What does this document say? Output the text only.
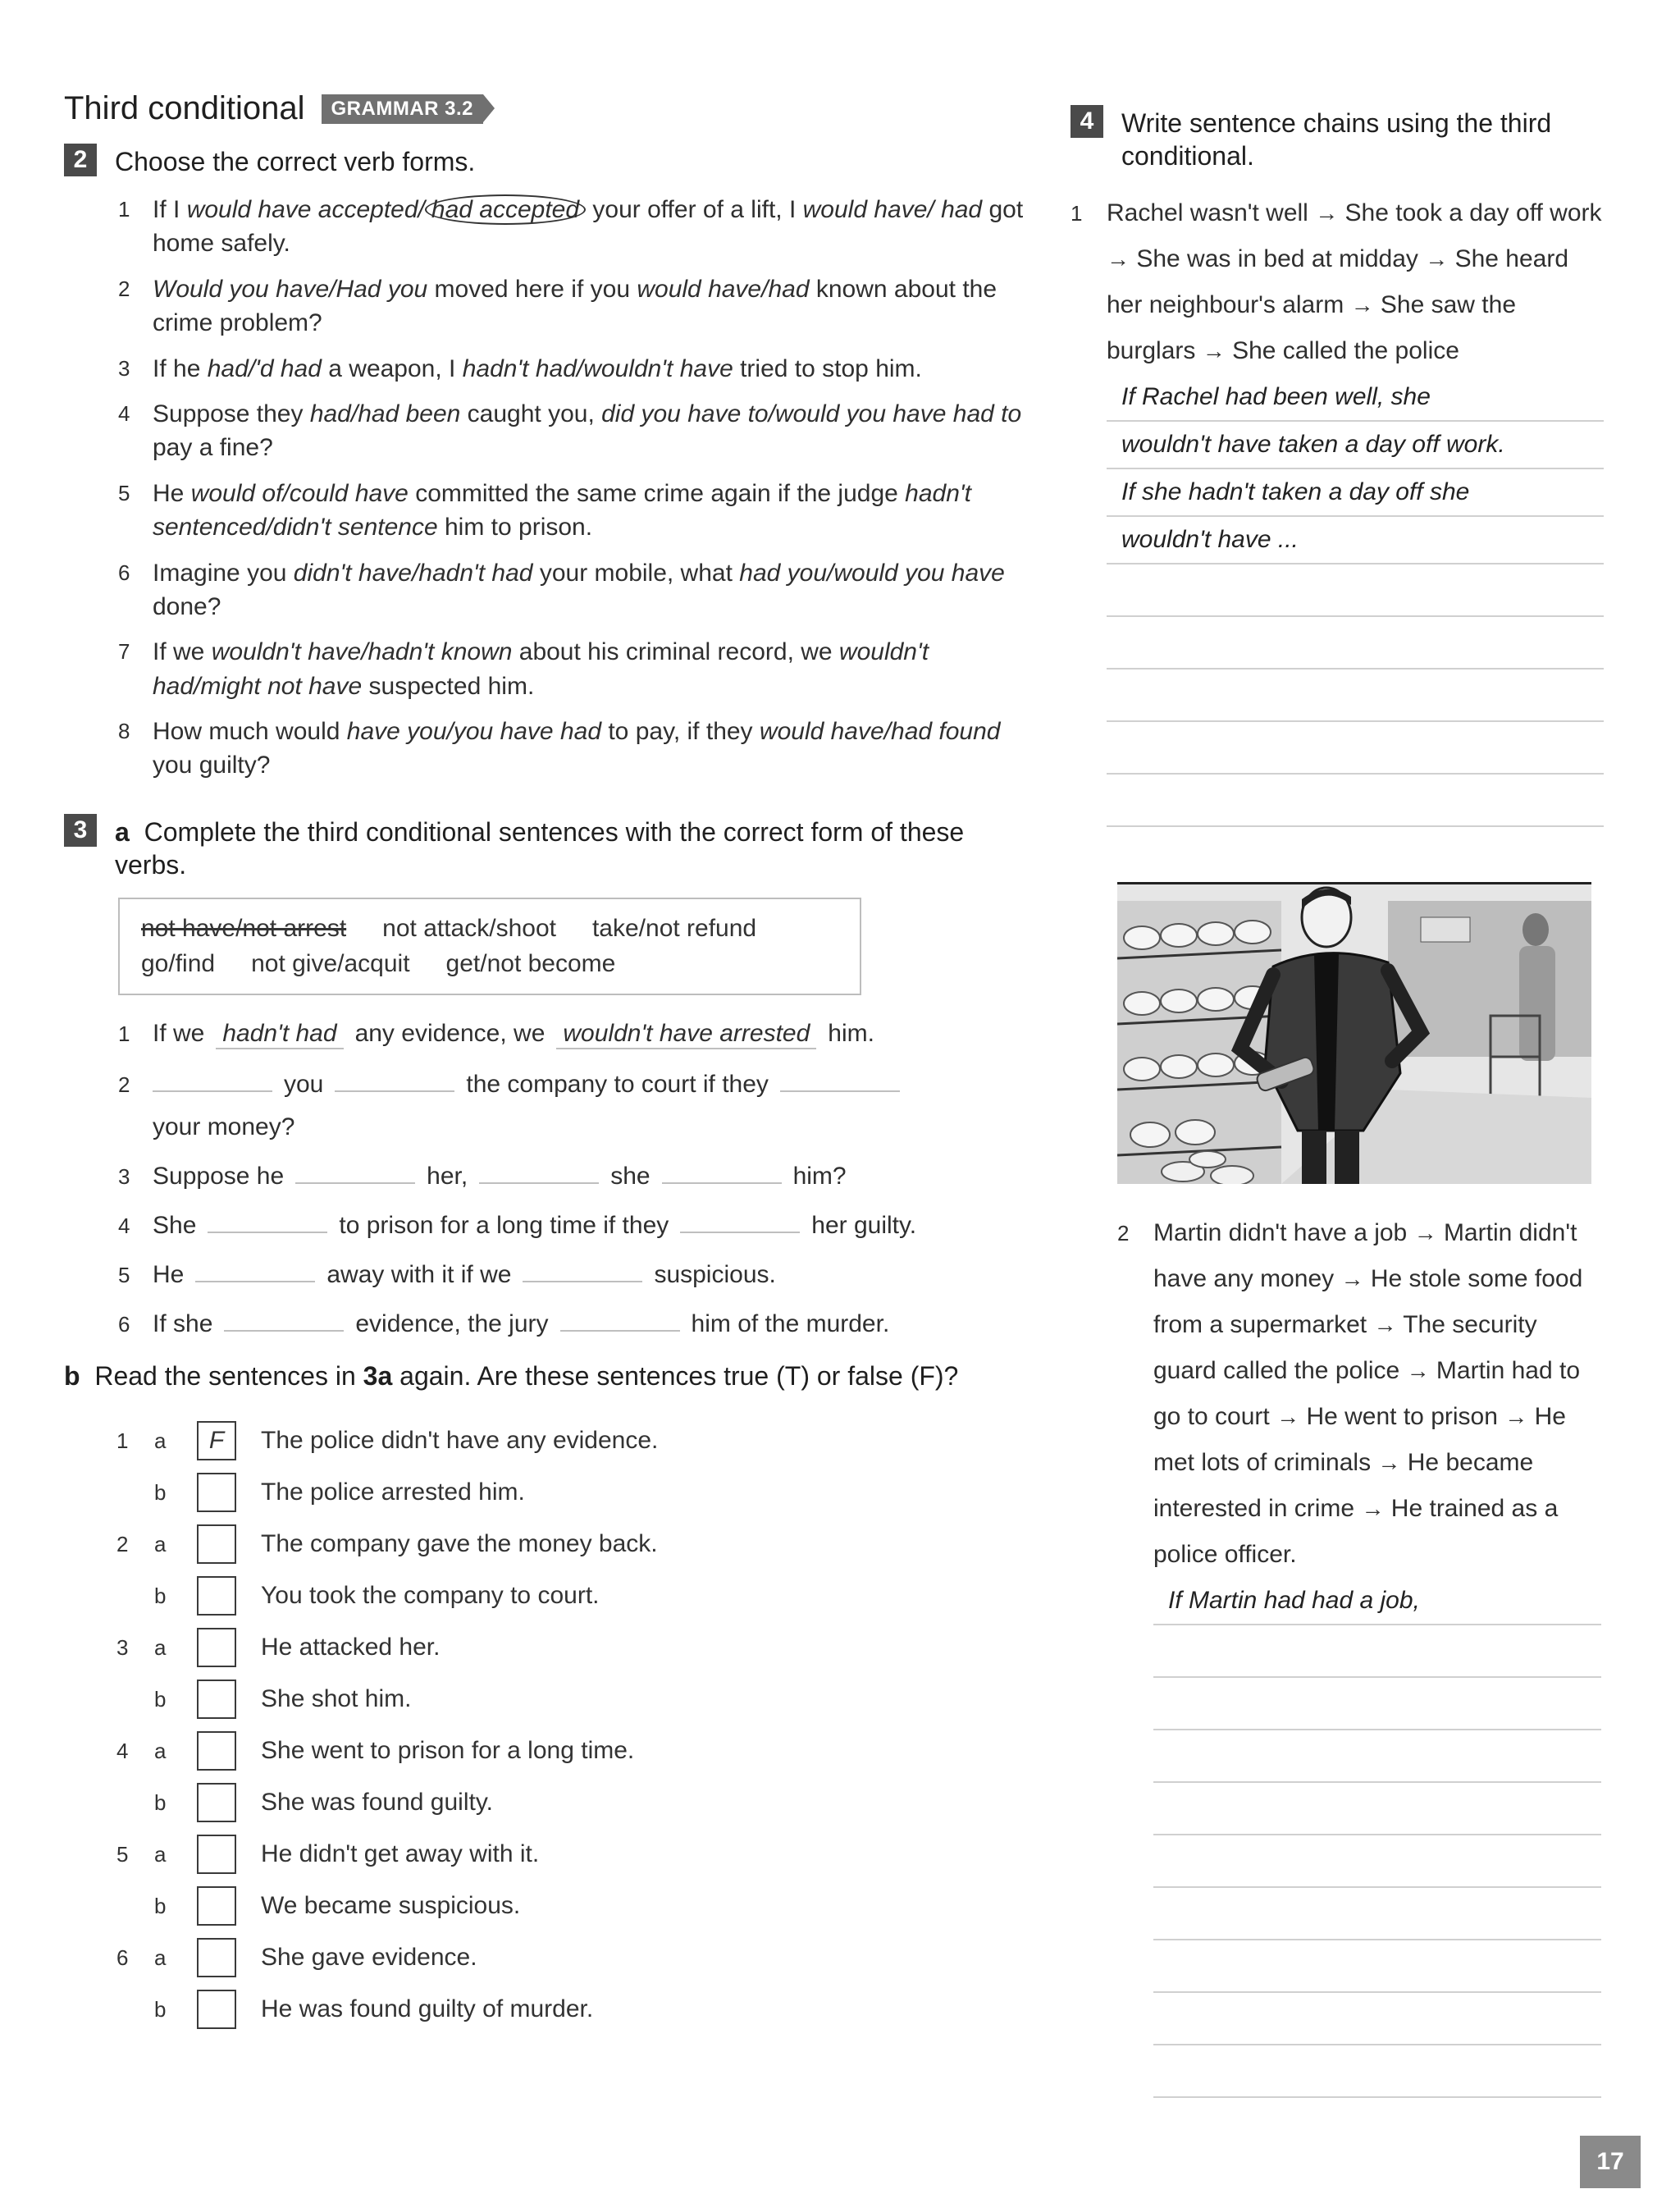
Third conditional	GRAMMAR 3.2
2	Choose the correct verb forms.
1 If I would have accepted/ had accepted your offer of a lift, I would have/ had got home safely.
2 Would you have/Had you moved here if you would have/had known about the crime problem?
3 If he had/'d had a weapon, I hadn't had/wouldn't have tried to stop him.
4 Suppose they had/had been caught you, did you have to/would you have had to pay a fine?
5 He would of/could have committed the same crime again if the judge hadn't sentenced/didn't sentence him to prison.
6 Imagine you didn't have/hadn't had your mobile, what had you/would you have done?
7 If we wouldn't have/hadn't known about his criminal record, we wouldn't had/might not have suspected him.
8 How much would have you/you have had to pay, if they would have/had found you guilty?
3	a Complete the third conditional sentences with the correct form of these verbs.
not have/not arrest not attack/shoot take/not refund
go/find not give/acquit get/not become
1 If we hadn't had any evidence, we wouldn't have arrested him.
2	you	the company to court if they
your money?
3 Suppose he	her,	she	him?
4 She	to prison for a long time if they	her guilty.
5 He	away with it if we	suspicious.
6 If she	evidence, the jury	him of the murder.
b Read the sentences in 3a again. Are these sentences true (T) or false (F)?
1	a	F	The police didn't have any evidence.
b	The police arrested him.
2	a	The company gave the money back.
b	You took the company to court.
3	a	He attacked her.
b	She shot him.
4	a	She went to prison for a long time.
b	She was found guilty.
5	a	He didn't get away with it.
b	We became suspicious.
6	a	She gave evidence.
b	He was found guilty of murder.
4	Write sentence chains using the third conditional.
1 Rachel wasn't well → She took a day off work → She was in bed at midday → She heard her neighbour's alarm → She saw the burglars → She called the police
If Rachel had been well, she
wouldn't have taken a day off work.
If she hadn't taken a day off she
wouldn't have ...
2 Martin didn't have a job → Martin didn't have any money → He stole some food from a supermarket → The security guard called the police → Martin had to go to court → He went to prison → He met lots of criminals → He became interested in crime → He trained as a police officer.
If Martin had had a job,
17
